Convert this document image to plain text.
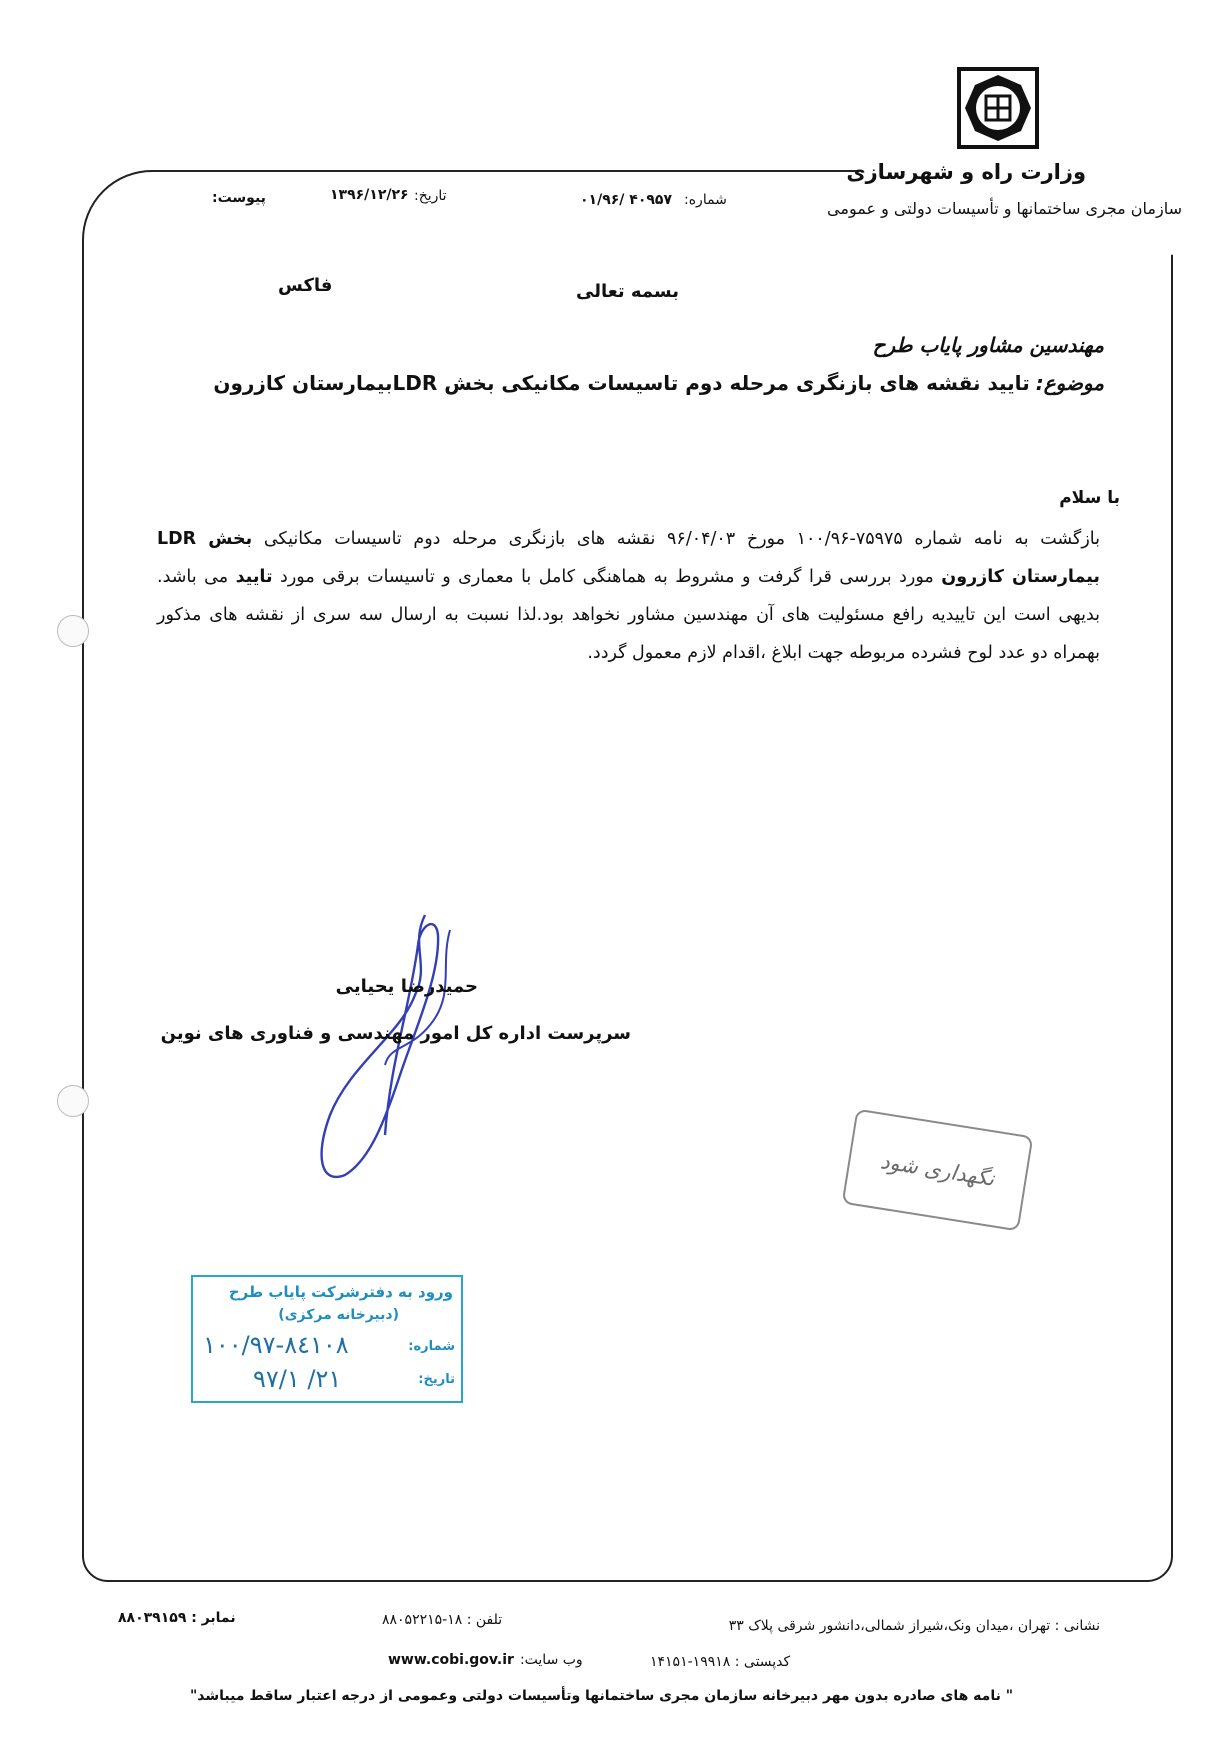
وزارت راه و شهرسازی
سازمان مجری ساختمانها و تأسیسات دولتی و عمومی
شماره:
۰۱/۹۶/ ۴۰۹۵۷
تاریخ:
۱۳۹۶/۱۲/۲۶
پیوست:
بسمه تعالی
فاکس
مهندسین مشاور پایاب طرح
موضوع:
تایید نقشه های بازنگری مرحله دوم تاسیسات مکانیکی بخش LDRبیمارستان کازرون
با سلام
بازگشت به نامه شماره ۷۵۹۷۵-۱۰۰/۹۶ مورخ ۹۶/۰۴/۰۳ نقشه های بازنگری مرحله دوم تاسیسات مکانیکی بخش LDR بیمارستان کازرون مورد بررسی قرا گرفت و مشروط به هماهنگی کامل با معماری و تاسیسات برقی مورد تایید می باشد. بدیهی است این تاییدیه رافع مسئولیت های آن مهندسین مشاور نخواهد بود.لذا نسبت به ارسال سه سری از نقشه های مذکور بهمراه دو عدد لوح فشرده مربوطه جهت ابلاغ ،اقدام لازم معمول گردد.
حمیدرضا یحیایی
سرپرست اداره کل امور مهندسی و فناوری های نوین
نگهداری شود
ورود به دفترشرکت پایاب طرح
(دبیرخانه مرکزی)
شماره:
۱۰۰/۹۷-۸٤۱۰۸
تاریخ:
۹۷/۱ /۲۱
نشانی : تهران ،میدان ونک،شیراز شمالی،دانشور شرقی پلاک ۳۳
تلفن : ۱۸-۸۸۰۵۲۲۱۵
نمابر : ۸۸۰۳۹۱۵۹
کدپستی : ۱۹۹۱۸-۱۴۱۵۱
وب سایت:
www.cobi.gov.ir
" نامه های صادره بدون مهر دبیرخانه سازمان مجری ساختمانها وتأسیسات دولتی وعمومی از درجه اعتبار ساقط میباشد"
